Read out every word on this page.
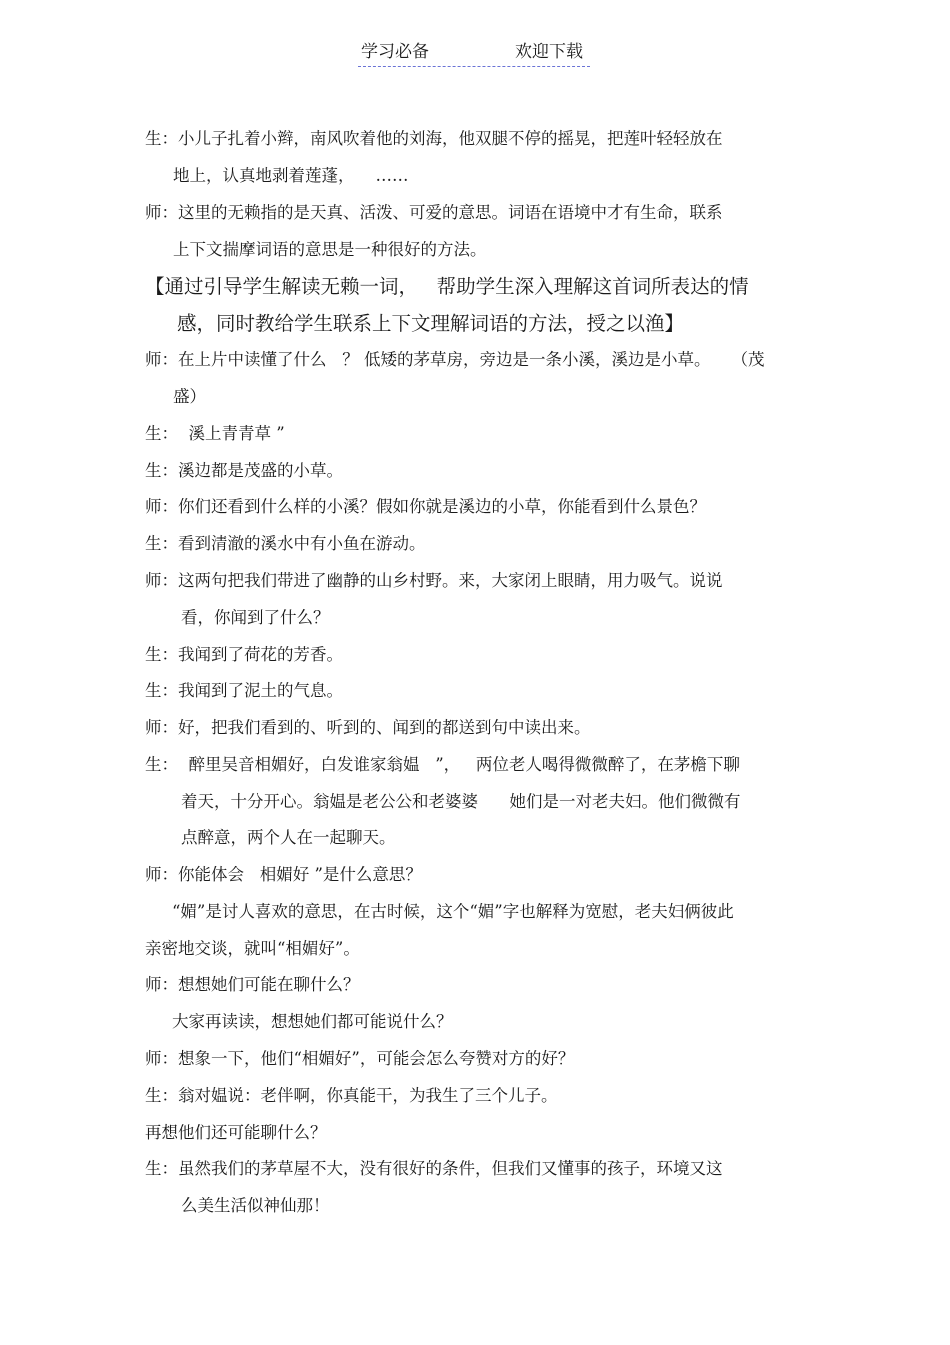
学习必备	欢迎下载
生：小儿子扎着小辫，南风吹着他的刘海，他双腿不停的摇晃，把莲叶轻轻放在
地上，认真地剥着莲蓬，    ……
师：这里的无赖指的是天真、活泼、可爱的意思。词语在语境中才有生命，联系
上下文揣摩词语的意思是一种很好的方法。
【通过引导学生解读无赖一词，   帮助学生深入理解这首词所表达的情
感，同时教给学生联系上下文理解词语的方法，授之以渔】
师：在上片中读懂了什么   ？ 低矮的茅草房，旁边是一条小溪，溪边是小草。    （茂
盛）
生：  溪上青青草 ”
生：溪边都是茂盛的小草。
师：你们还看到什么样的小溪？假如你就是溪边的小草，你能看到什么景色？
生：看到清澈的溪水中有小鱼在游动。
师：这两句把我们带进了幽静的山乡村野。来，大家闭上眼睛，用力吸气。说说
看，你闻到了什么？
生：我闻到了荷花的芳香。
生：我闻到了泥土的气息。
师：好，把我们看到的、听到的、闻到的都送到句中读出来。
生：  醉里吴音相媚好，白发谁家翁媪   ”，   两位老人喝得微微醉了，在茅檐下聊
着天，十分开心。翁媪是老公公和老婆婆      她们是一对老夫妇。他们微微有
点醉意，两个人在一起聊天。
师：你能体会   相媚好 ”是什么意思？
“媚”是讨人喜欢的意思，在古时候，这个“媚”字也解释为宽慰，老夫妇俩彼此
亲密地交谈，就叫“相媚好”。
师：想想她们可能在聊什么？
大家再读读，想想她们都可能说什么？
师：想象一下，他们“相媚好”，可能会怎么夸赞对方的好？
生：翁对媪说：老伴啊，你真能干，为我生了三个儿子。
再想他们还可能聊什么？
生：虽然我们的茅草屋不大，没有很好的条件，但我们又懂事的孩子，环境又这
么美生活似神仙那！
